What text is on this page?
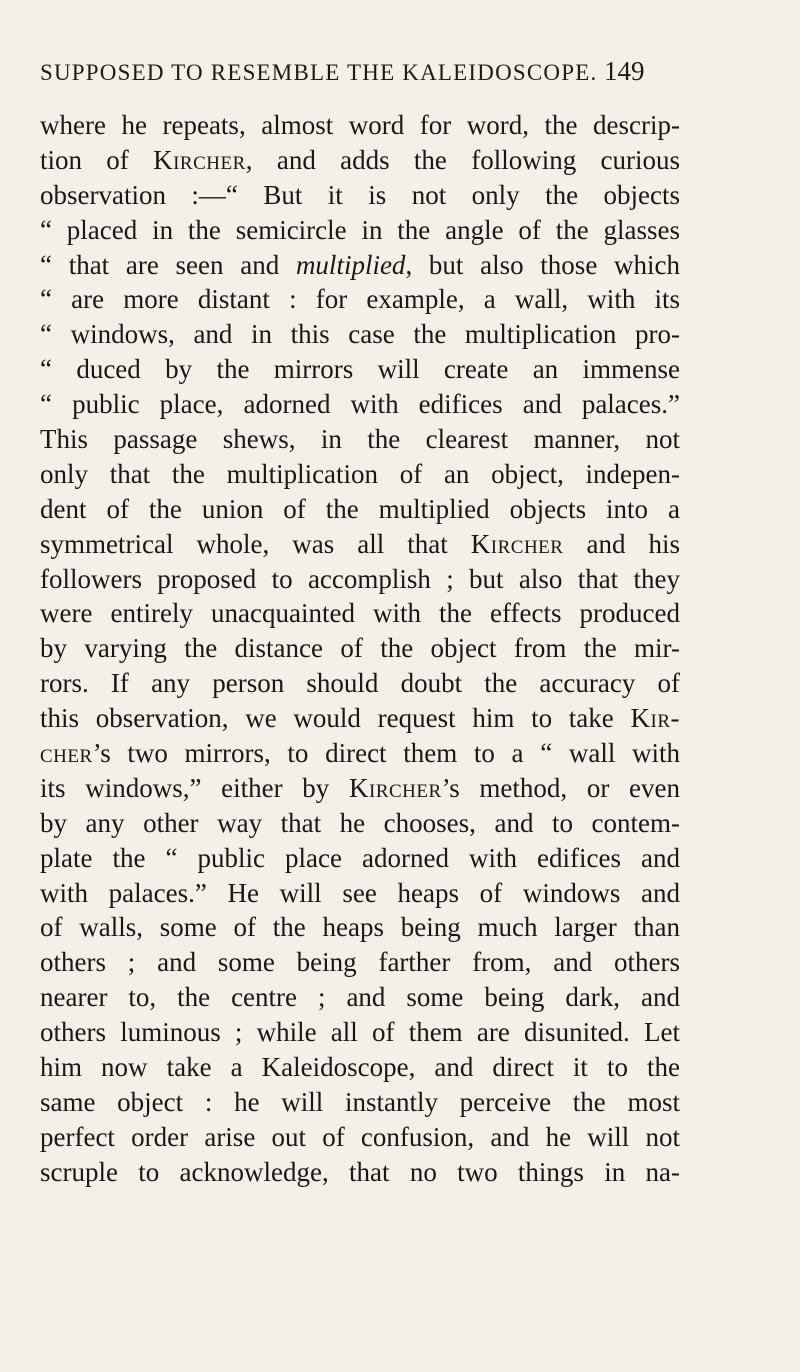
SUPPOSED TO RESEMBLE THE KALEIDOSCOPE. 149
where he repeats, almost word for word, the descrip-
tion of Kircher, and adds the following curious
observation :—“ But it is not only the objects
“ placed in the semicircle in the angle of the glasses
“ that are seen and multiplied, but also those which
“ are more distant : for example, a wall, with its
“ windows, and in this case the multiplication pro-
“ duced by the mirrors will create an immense
“ public place, adorned with edifices and palaces.”
This passage shews, in the clearest manner, not
only that the multiplication of an object, indepen-
dent of the union of the multiplied objects into a
symmetrical whole, was all that Kircher and his
followers proposed to accomplish ; but also that they
were entirely unacquainted with the effects produced
by varying the distance of the object from the mir-
rors. If any person should doubt the accuracy of
this observation, we would request him to take Kir-
cher’s two mirrors, to direct them to a “ wall with
its windows,” either by Kircher’s method, or even
by any other way that he chooses, and to contem-
plate the “ public place adorned with edifices and
with palaces.” He will see heaps of windows and
of walls, some of the heaps being much larger than
others ; and some being farther from, and others
nearer to, the centre ; and some being dark, and
others luminous ; while all of them are disunited. Let
him now take a Kaleidoscope, and direct it to the
same object : he will instantly perceive the most
perfect order arise out of confusion, and he will not
scruple to acknowledge, that no two things in na-
